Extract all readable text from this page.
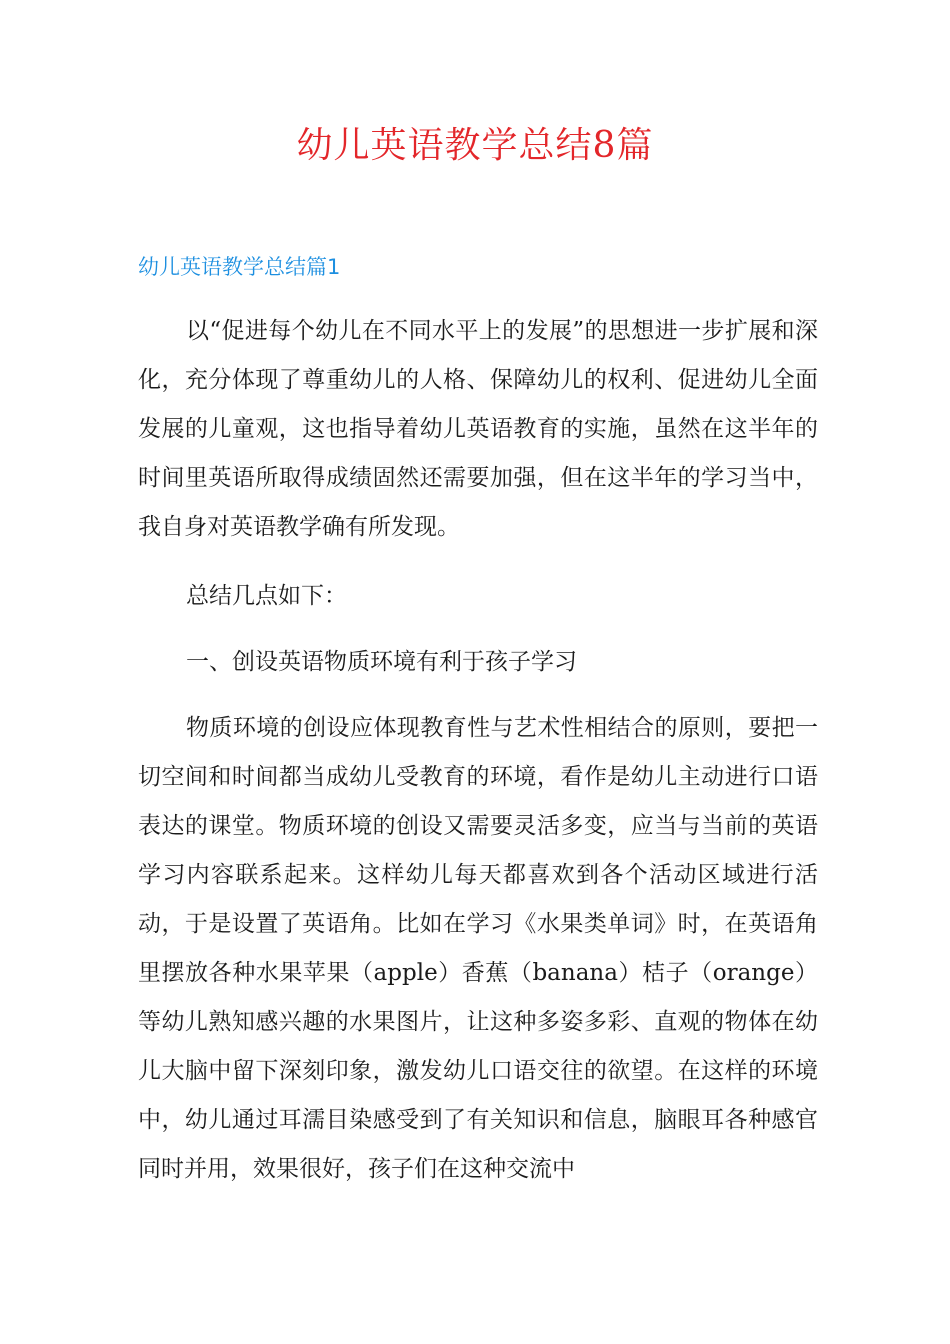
幼儿英语教学总结8篇
幼儿英语教学总结篇1

以“促进每个幼儿在不同水平上的发展”的思想进一步扩展和深化，充分体现了尊重幼儿的人格、保障幼儿的权利、促进幼儿全面发展的儿童观，这也指导着幼儿英语教育的实施，虽然在这半年的时间里英语所取得成绩固然还需要加强，但在这半年的学习当中，我自身对英语教学确有所发现。

总结几点如下：

一、创设英语物质环境有利于孩子学习

物质环境的创设应体现教育性与艺术性相结合的原则，要把一切空间和时间都当成幼儿受教育的环境，看作是幼儿主动进行口语表达的课堂。物质环境的创设又需要灵活多变，应当与当前的英语学习内容联系起来。这样幼儿每天都喜欢到各个活动区域进行活动，于是设置了英语角。比如在学习《水果类单词》时，在英语角里摆放各种水果苹果（apple）香蕉（banana）桔子（orange）等幼儿熟知感兴趣的水果图片，让这种多姿多彩、直观的物体在幼儿大脑中留下深刻印象，激发幼儿口语交往的欲望。在这样的环境中，幼儿通过耳濡目染感受到了有关知识和信息，脑眼耳各种感官同时并用，效果很好，孩子们在这种交流中
